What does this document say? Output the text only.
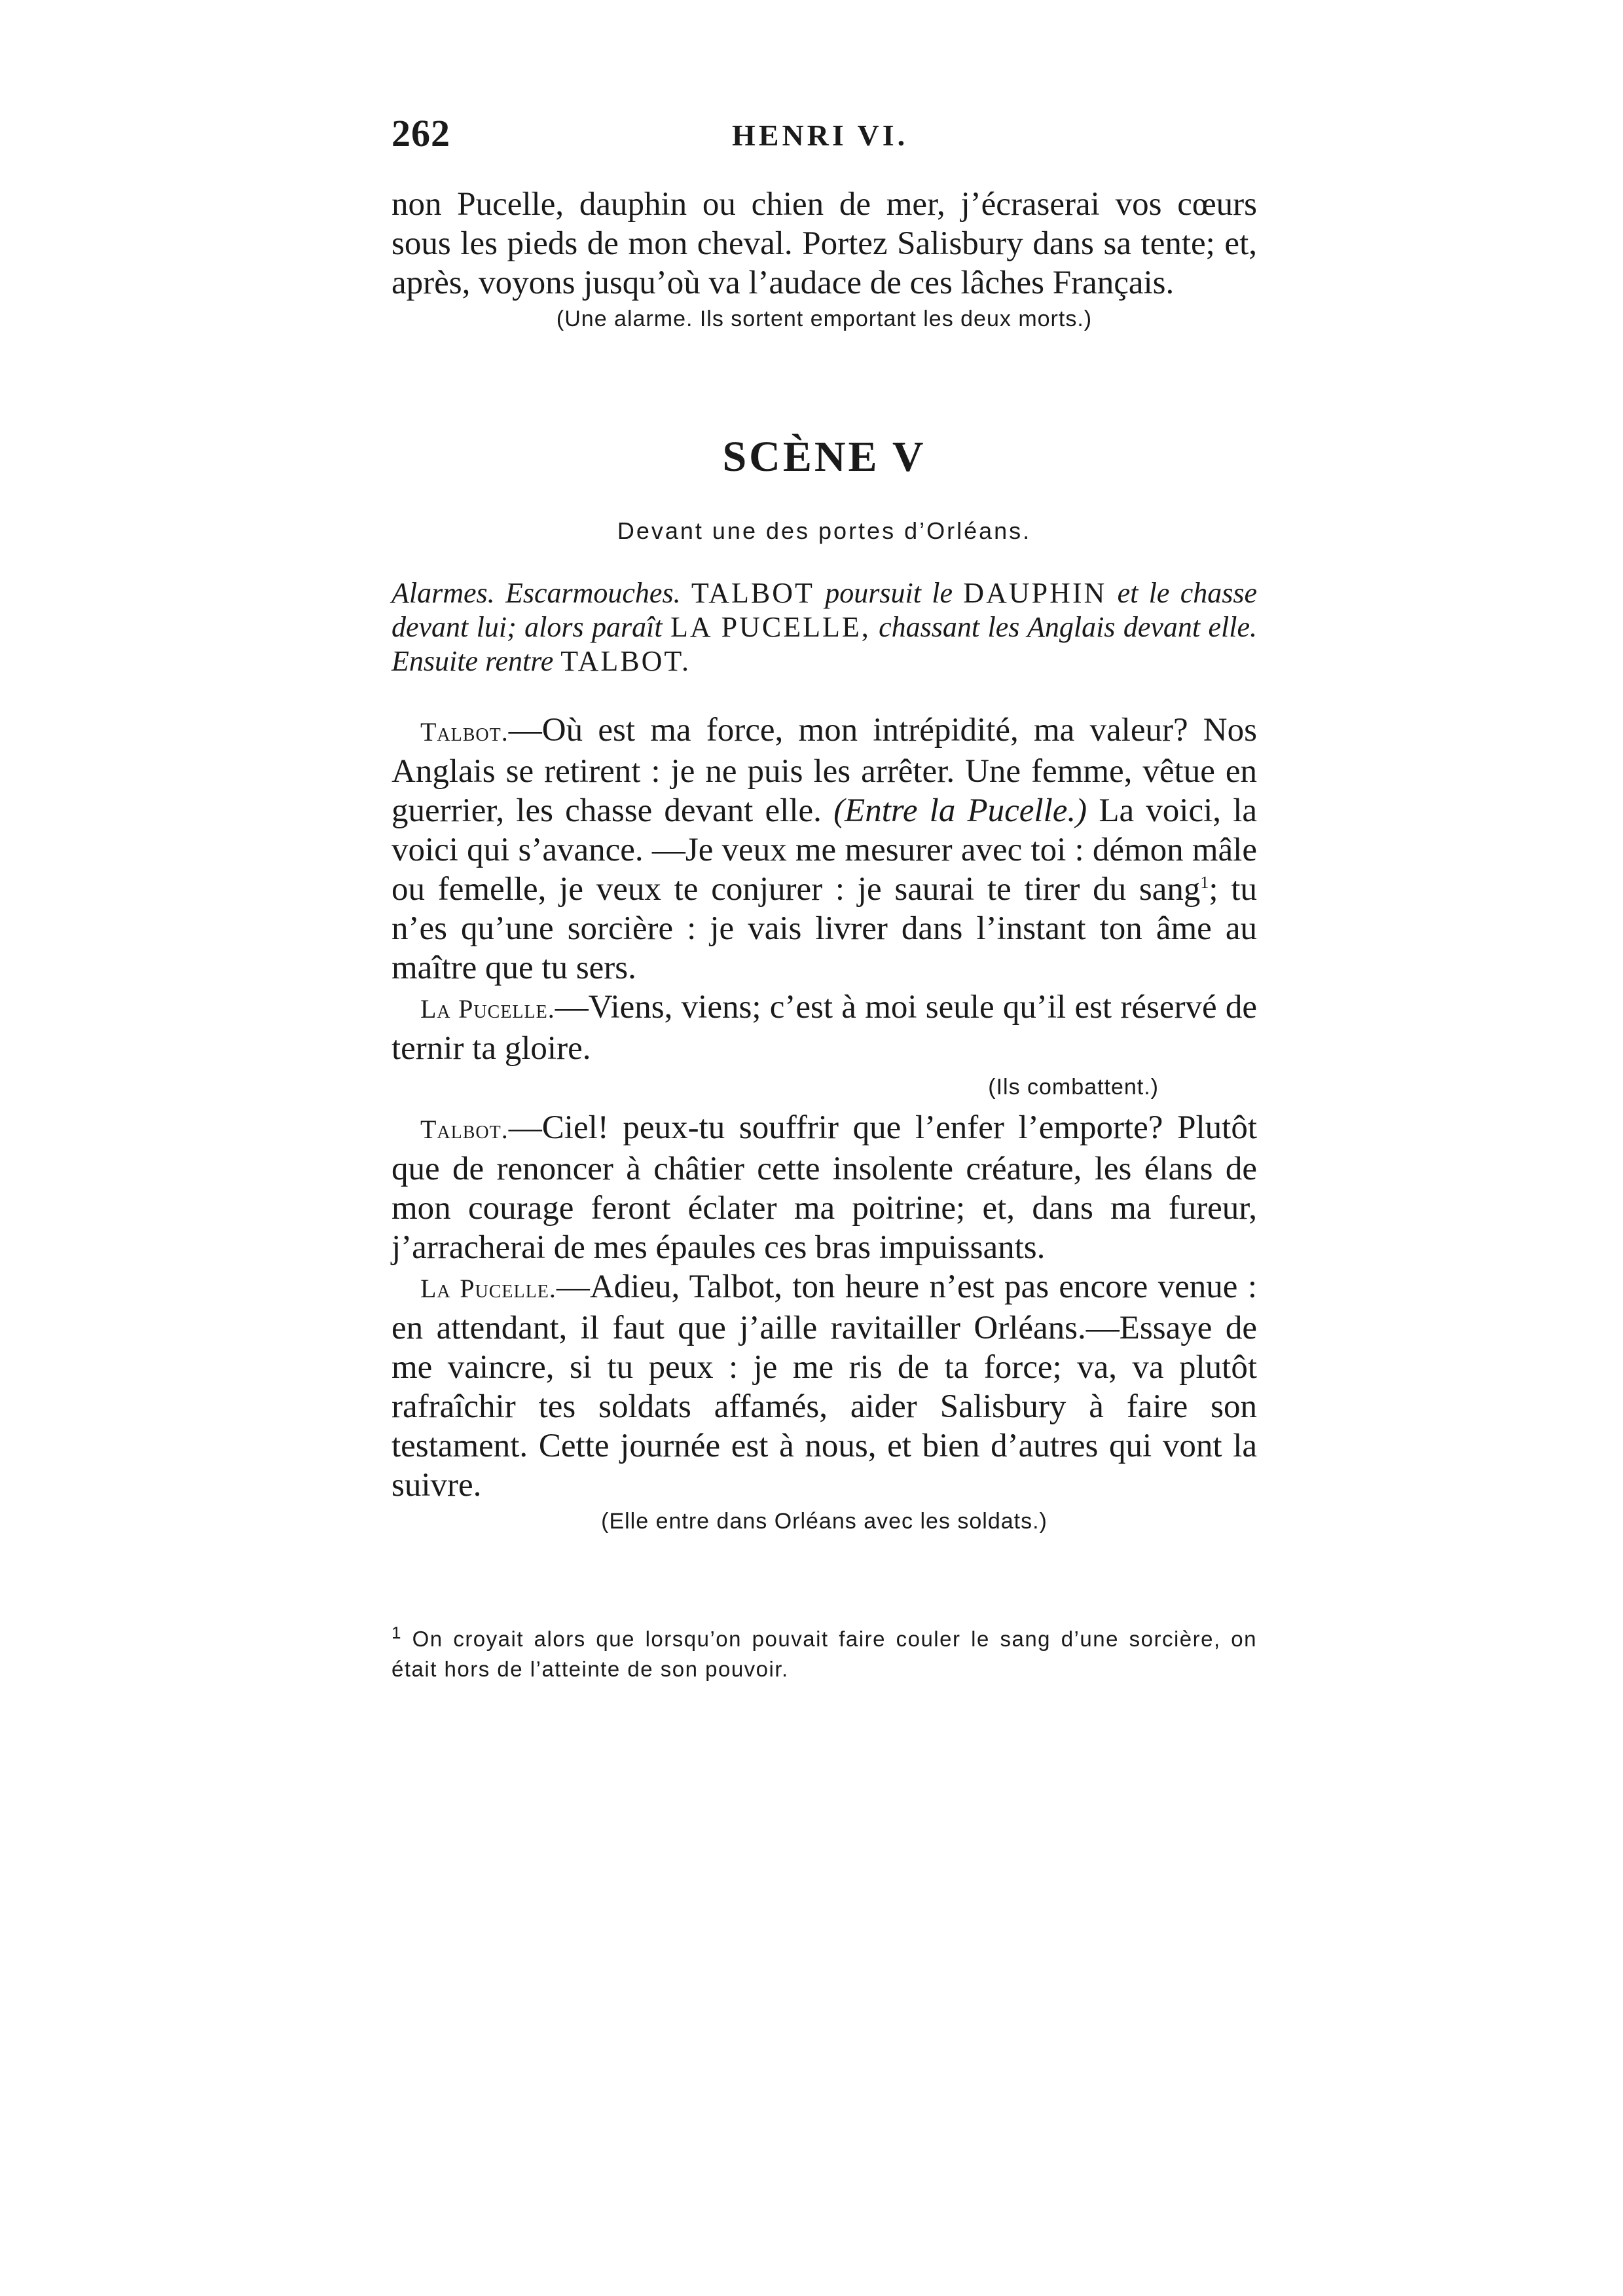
262	HENRI VI.

non Pucelle, dauphin ou chien de mer, j’écraserai vos cœurs sous les pieds de mon cheval. Portez Salisbury dans sa tente; et, après, voyons jusqu’où va l’audace de ces lâches Français.

(Une alarme. Ils sortent emportant les deux morts.)

SCÈNE V

Devant une des portes d’Orléans.

Alarmes. Escarmouches. TALBOT poursuit le DAUPHIN et le chasse devant lui; alors paraît LA PUCELLE, chassant les Anglais devant elle. Ensuite rentre TALBOT.

Talbot.—Où est ma force, mon intrépidité, ma valeur? Nos Anglais se retirent : je ne puis les arrêter. Une femme, vêtue en guerrier, les chasse devant elle. (Entre la Pucelle.) La voici, la voici qui s’avance. —Je veux me mesurer avec toi : démon mâle ou femelle, je veux te conjurer : je saurai te tirer du sang$^1$; tu n’es qu’une sorcière : je vais livrer dans l’instant ton âme au maître que tu sers.

La Pucelle.—Viens, viens; c’est à moi seule qu’il est réservé de ternir ta gloire.

(Ils combattent.)

Talbot.—Ciel! peux-tu souffrir que l’enfer l’emporte? Plutôt que de renoncer à châtier cette insolente créature, les élans de mon courage feront éclater ma poitrine; et, dans ma fureur, j’arracherai de mes épaules ces bras impuissants.

La Pucelle.—Adieu, Talbot, ton heure n’est pas encore venue : en attendant, il faut que j’aille ravitailler Orléans.—Essaye de me vaincre, si tu peux : je me ris de ta force; va, va plutôt rafraîchir tes soldats affamés, aider Salisbury à faire son testament. Cette journée est à nous, et bien d’autres qui vont la suivre.

(Elle entre dans Orléans avec les soldats.)

$^1$ On croyait alors que lorsqu’on pouvait faire couler le sang d’une sorcière, on était hors de l’atteinte de son pouvoir.
